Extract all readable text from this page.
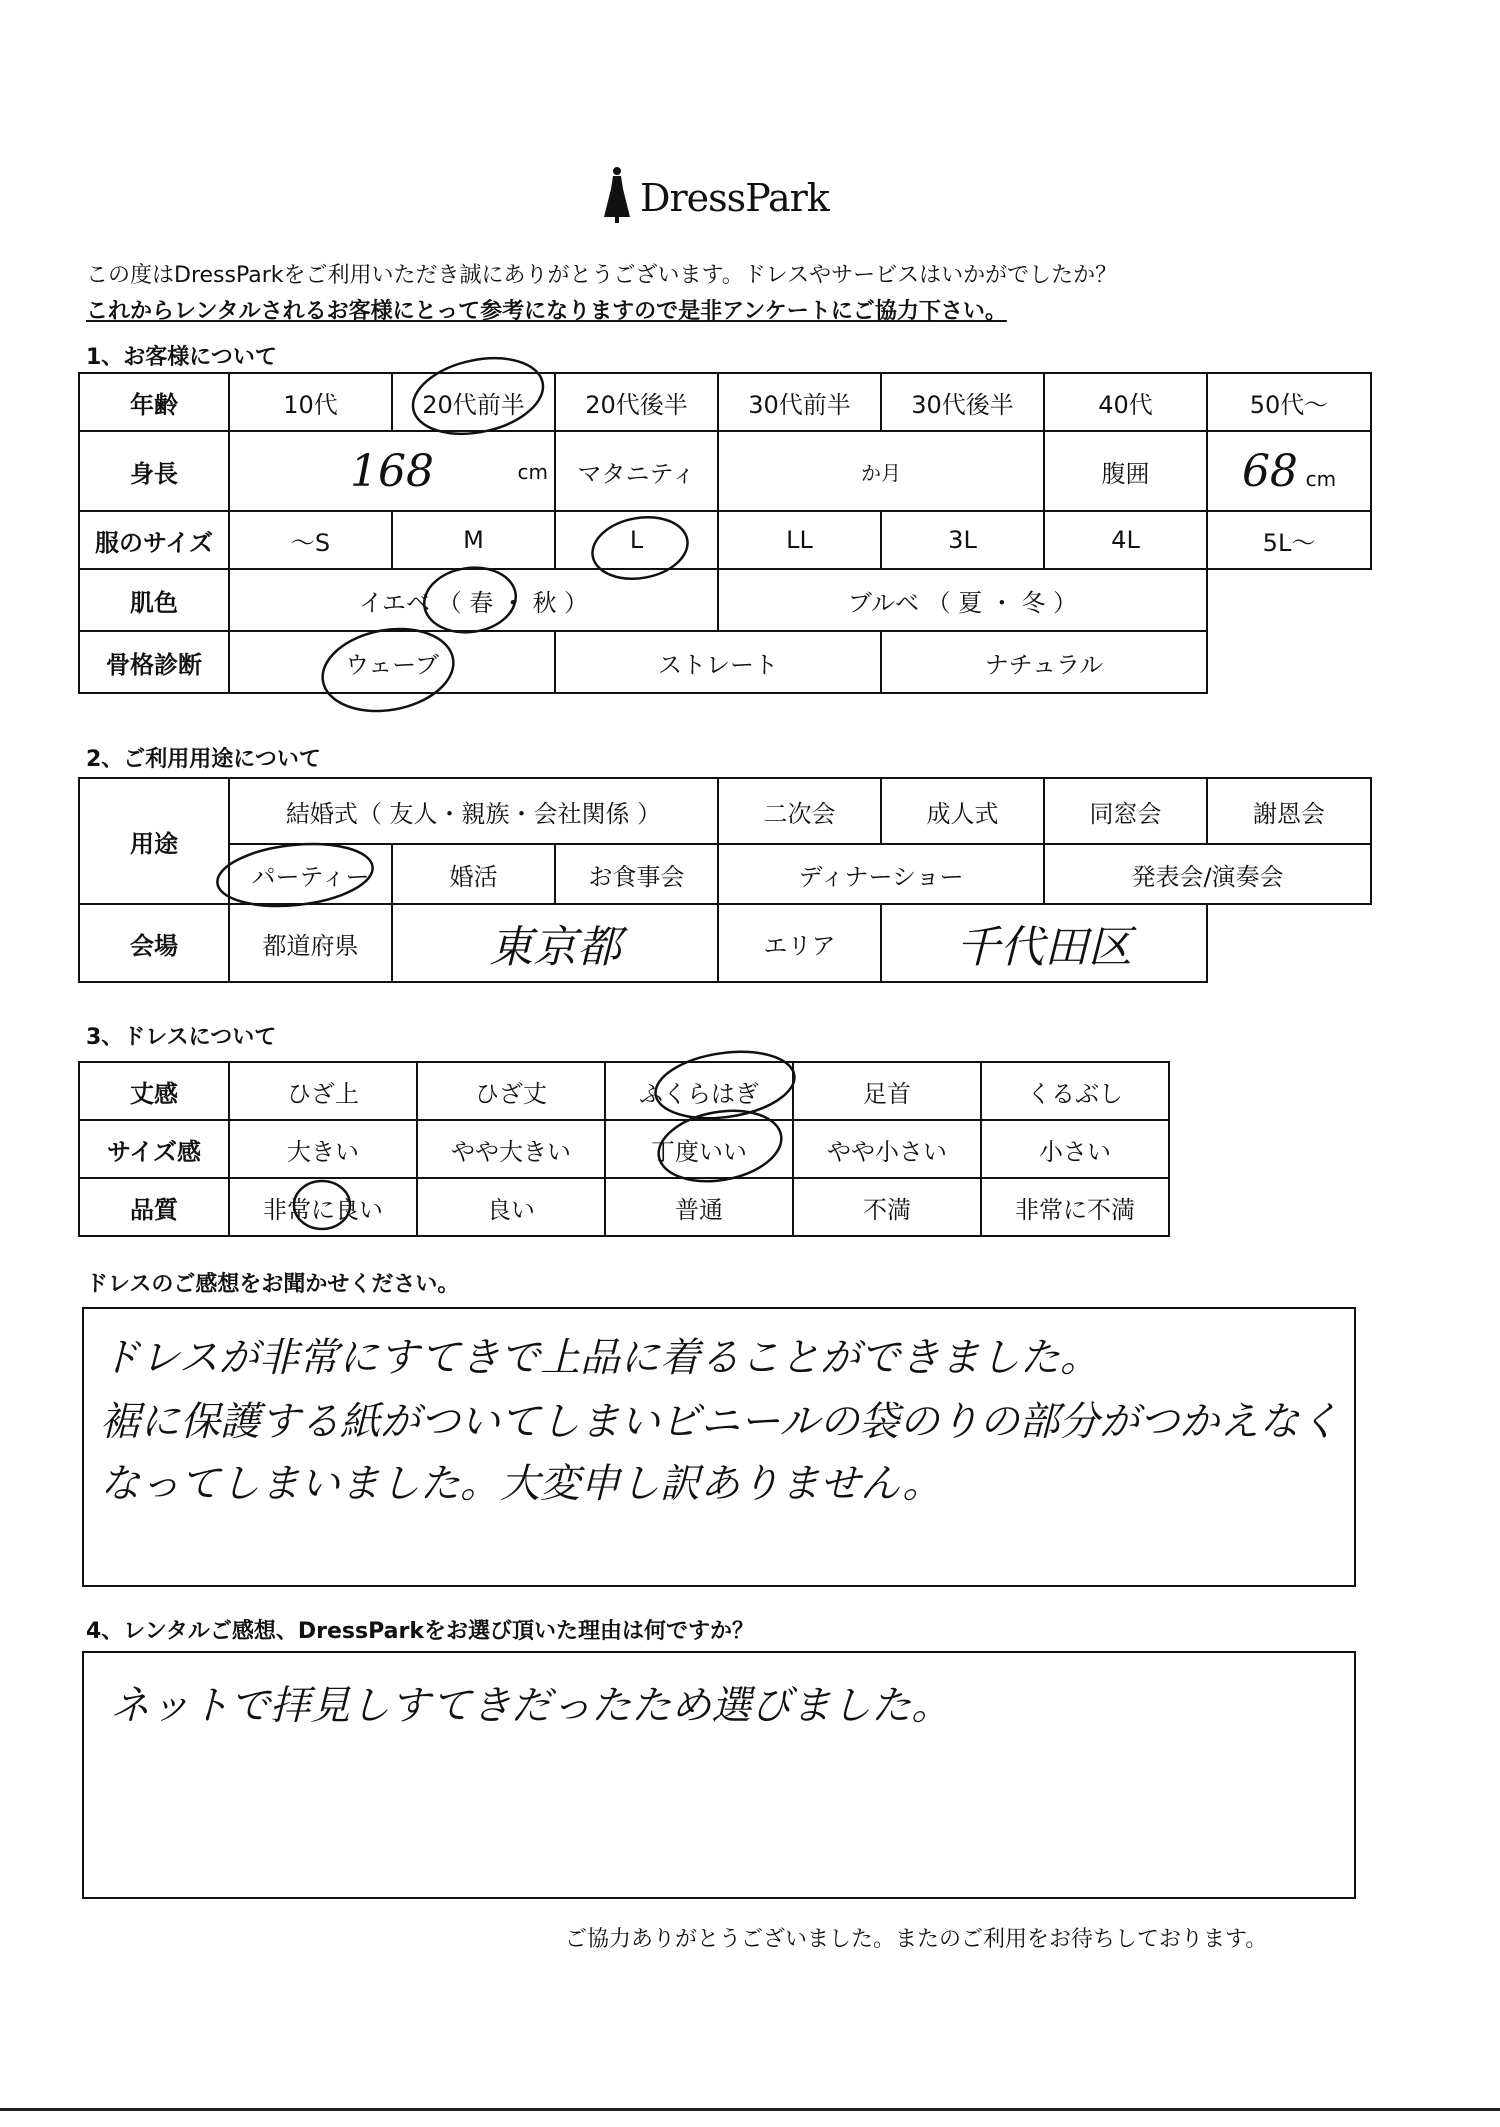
DressPark
この度はDressParkをご利用いただき誠にありがとうございます。ドレスやサービスはいかがでしたか？
これからレンタルされるお客様にとって参考になりますので是非アンケートにご協力下さい。
1、お客様について
年齢	10代	20代前半	20代後半	30代前半	30代後半	40代	50代～
身長	168 cm		マタニティ	か月		腹囲	68 cm
服のサイズ	～S	M	L	LL	3L	4L	5L～
肌色	イエベ （ 春 ・ 秋 ）			ブルベ （ 夏 ・ 冬 ）			
骨格診断	ウェーブ		ストレート		ナチュラル		
2、ご利用用途について
用途	結婚式（ 友人・親族・会社関係 ）			二次会	成人式	同窓会	謝恩会
	パーティー	婚活	お食事会	ディナーショー		発表会/演奏会	
会場	都道府県	東京都		エリア	千代田区		
3、ドレスについて
丈感	ひざ上	ひざ丈	ふくらはぎ	足首	くるぶし
サイズ感	大きい	やや大きい	丁度いい	やや小さい	小さい
品質	非常に良い	良い	普通	不満	非常に不満
ドレスのご感想をお聞かせください。
ドレスが非常にすてきで上品に着ることができました。
裾に保護する紙がついてしまいビニールの袋のりの部分がつかえなく
なってしまいました。大変申し訳ありません。
4、レンタルご感想、DressParkをお選び頂いた理由は何ですか？
ネットで拝見しすてきだったため選びました。
ご協力ありがとうございました。またのご利用をお待ちしております。
